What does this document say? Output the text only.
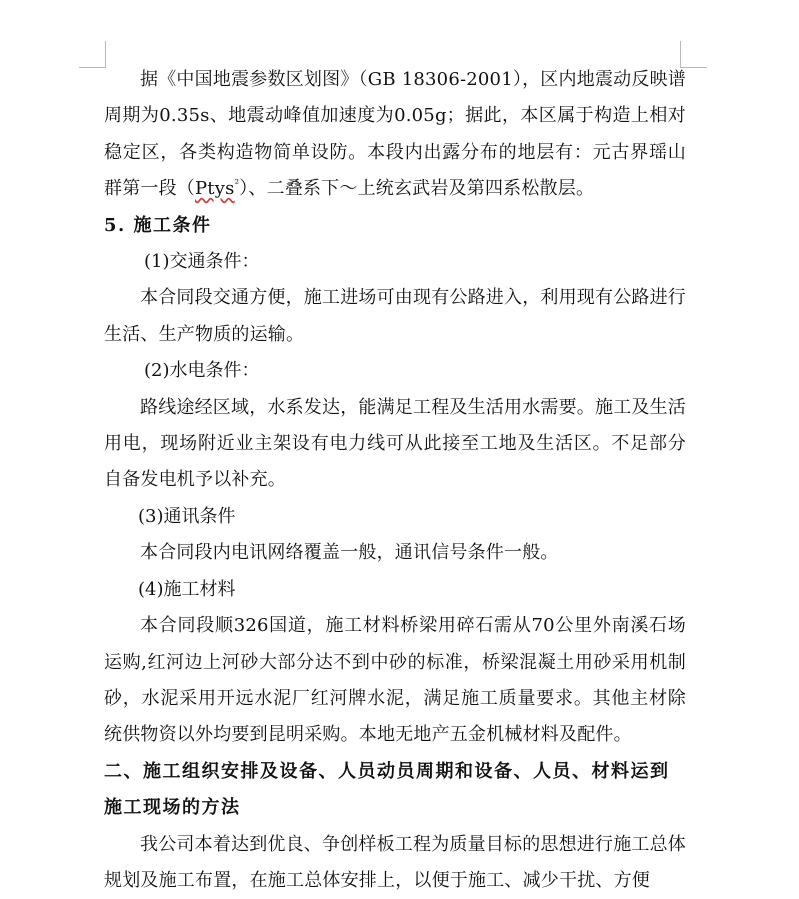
据《中国地震参数区划图》（GB 18306-2001），区内地震动反映谱周期为0.35s、地震动峰值加速度为0.05g；据此，本区属于构造上相对稳定区，各类构造物简单设防。本段内出露分布的地层有：元古界瑶山群第一段（Ptys$^{^2}$）、二叠系下～上统玄武岩及第四系松散层。

5. 施工条件

(1)交通条件：

本合同段交通方便，施工进场可由现有公路进入，利用现有公路进行生活、生产物质的运输。

(2)水电条件：

路线途经区域，水系发达，能满足工程及生活用水需要。施工及生活用电，现场附近业主架设有电力线可从此接至工地及生活区。不足部分自备发电机予以补充。

(3)通讯条件

本合同段内电讯网络覆盖一般，通讯信号条件一般。

(4)施工材料

本合同段顺326国道，施工材料桥梁用碎石需从70公里外南溪石场运购,红河边上河砂大部分达不到中砂的标准，桥梁混凝土用砂采用机制砂，水泥采用开远水泥厂红河牌水泥，满足施工质量要求。其他主材除统供物资以外均要到昆明采购。本地无地产五金机械材料及配件。

二、施工组织安排及设备、人员动员周期和设备、人员、材料运到施工现场的方法

我公司本着达到优良、争创样板工程为质量目标的思想进行施工总体规划及施工布置，在施工总体安排上，以便于施工、减少干扰、方便
